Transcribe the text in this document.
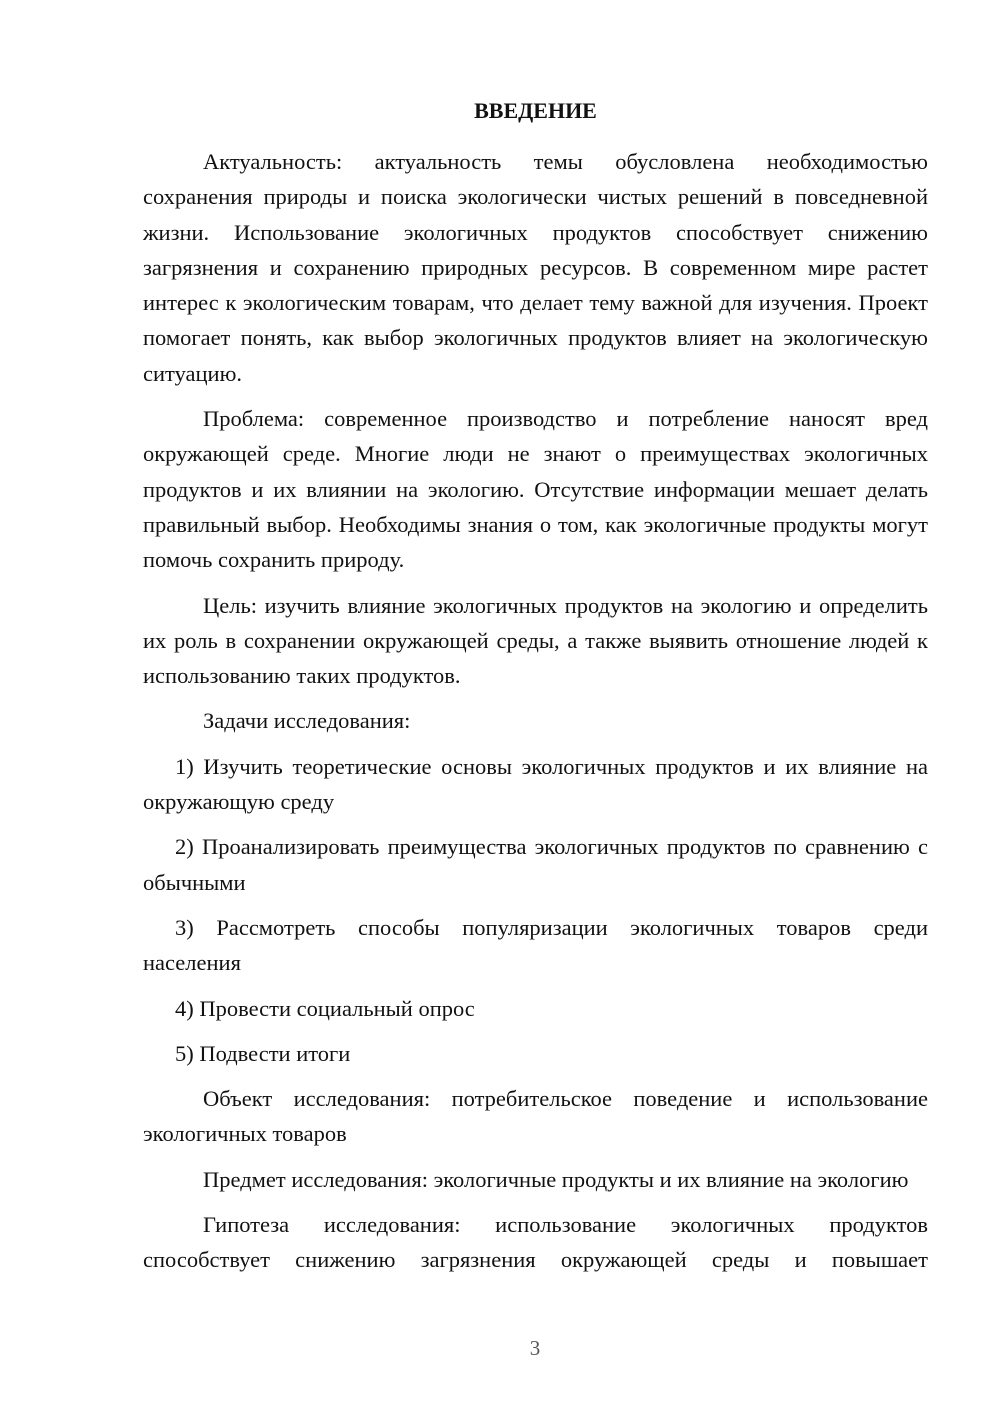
ВВЕДЕНИЕ

Актуальность: актуальность темы обусловлена необходимостью сохранения природы и поиска экологически чистых решений в повседневной жизни. Использование экологичных продуктов способствует снижению загрязнения и сохранению природных ресурсов. В современном мире растет интерес к экологическим товарам, что делает тему важной для изучения. Проект помогает понять, как выбор экологичных продуктов влияет на экологическую ситуацию.

Проблема: современное производство и потребление наносят вред окружающей среде. Многие люди не знают о преимуществах экологичных продуктов и их влиянии на экологию. Отсутствие информации мешает делать правильный выбор. Необходимы знания о том, как экологичные продукты могут помочь сохранить природу.

Цель: изучить влияние экологичных продуктов на экологию и определить их роль в сохранении окружающей среды, а также выявить отношение людей к использованию таких продуктов.

Задачи исследования:

1) Изучить теоретические основы экологичных продуктов и их влияние на окружающую среду

2) Проанализировать преимущества экологичных продуктов по сравнению с обычными

3) Рассмотреть способы популяризации экологичных товаров среди населения

4) Провести социальный опрос

5) Подвести итоги

Объект исследования: потребительское поведение и использование экологичных товаров

Предмет исследования: экологичные продукты и их влияние на экологию

Гипотеза исследования: использование экологичных продуктов способствует снижению загрязнения окружающей среды и повышает

3
